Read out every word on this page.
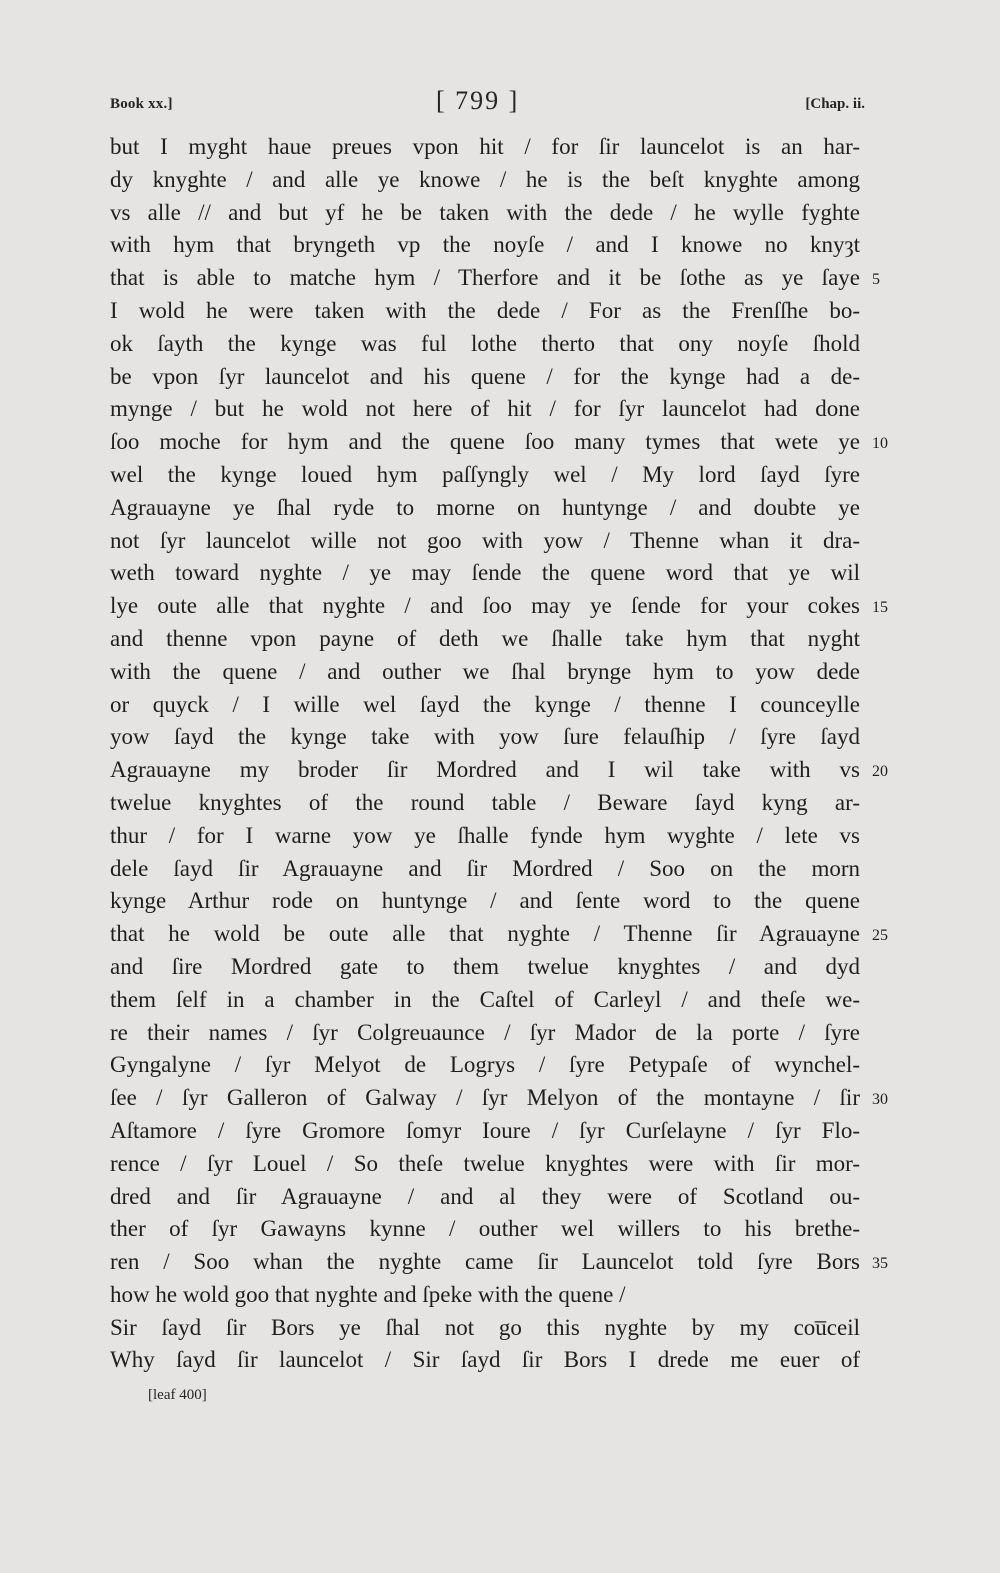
Book xx.]	[ 799 ]	[Chap. ii.
but I myght haue preues vpon hit / for ſir launcelot is an har-
dy knyghte / and alle ye knowe / he is the beſt knyghte among
vs alle // and but yf he be taken with the dede / he wylle fyghte
with hym that bryngeth vp the noyſe / and I knowe no knyȝt
that is able to matche hym / Therfore and it be ſothe as ye ſaye 5
I wold he were taken with the dede / For as the Frenſſhe bo-
ok ſayth the kynge was ful lothe therto that ony noyſe ſhold
be vpon ſyr launcelot and his quene / for the kynge had a de-
mynge / but he wold not here of hit / for ſyr launcelot had done
ſoo moche for hym and the quene ſoo many tymes that wete ye 10
wel the kynge loued hym paſſyngly wel / My lord ſayd ſyre
Agrauayne ye ſhal ryde to morne on huntynge / and doubte ye
not ſyr launcelot wille not goo with yow / Thenne whan it dra-
weth toward nyghte / ye may ſende the quene word that ye wil
lye oute alle that nyghte / and ſoo may ye ſende for your cokes 15
and thenne vpon payne of deth we ſhalle take hym that nyght
with the quene / and outher we ſhal brynge hym to yow dede
or quyck / I wille wel ſayd the kynge / thenne I counceylle
yow ſayd the kynge take with yow ſure felauſhip / ſyre ſayd
Agrauayne my broder ſir Mordred and I wil take with vs 20
twelue knyghtes of the round table / Beware ſayd kyng ar-
thur / for I warne yow ye ſhalle fynde hym wyghte / lete vs
dele ſayd ſir Agrauayne and ſir Mordred / Soo on the morn
kynge Arthur rode on huntynge / and ſente word to the quene
that he wold be oute alle that nyghte / Thenne ſir Agrauayne 25
and ſire Mordred gate to them twelue knyghtes / and dyd
them ſelf in a chamber in the Caſtel of Carleyl / and theſe we-
re their names / ſyr Colgreuaunce / ſyr Mador de la porte / ſyre
Gyngalyne / ſyr Melyot de Logrys / ſyre Petypaſe of wynchel-
ſee / ſyr Galleron of Galway / ſyr Melyon of the montayne / ſir 30
Aſtamore / ſyre Gromore ſomyr Ioure / ſyr Curſelayne / ſyr Flo-
rence / ſyr Louel / So theſe twelue knyghtes were with ſir mor-
dred and ſir Agrauayne / and al they were of Scotland ou-
ther of ſyr Gawayns kynne / outher wel willers to his brethe-
ren / Soo whan the nyghte came ſir Launcelot told ſyre Bors 35
how he wold goo that nyghte and ſpeke with the quene /
Sir ſayd ſir Bors ye ſhal not go this nyghte by my cou̅ceil
Why ſayd ſir launcelot / Sir ſayd ſir Bors I drede me euer of
[leaf 400]
